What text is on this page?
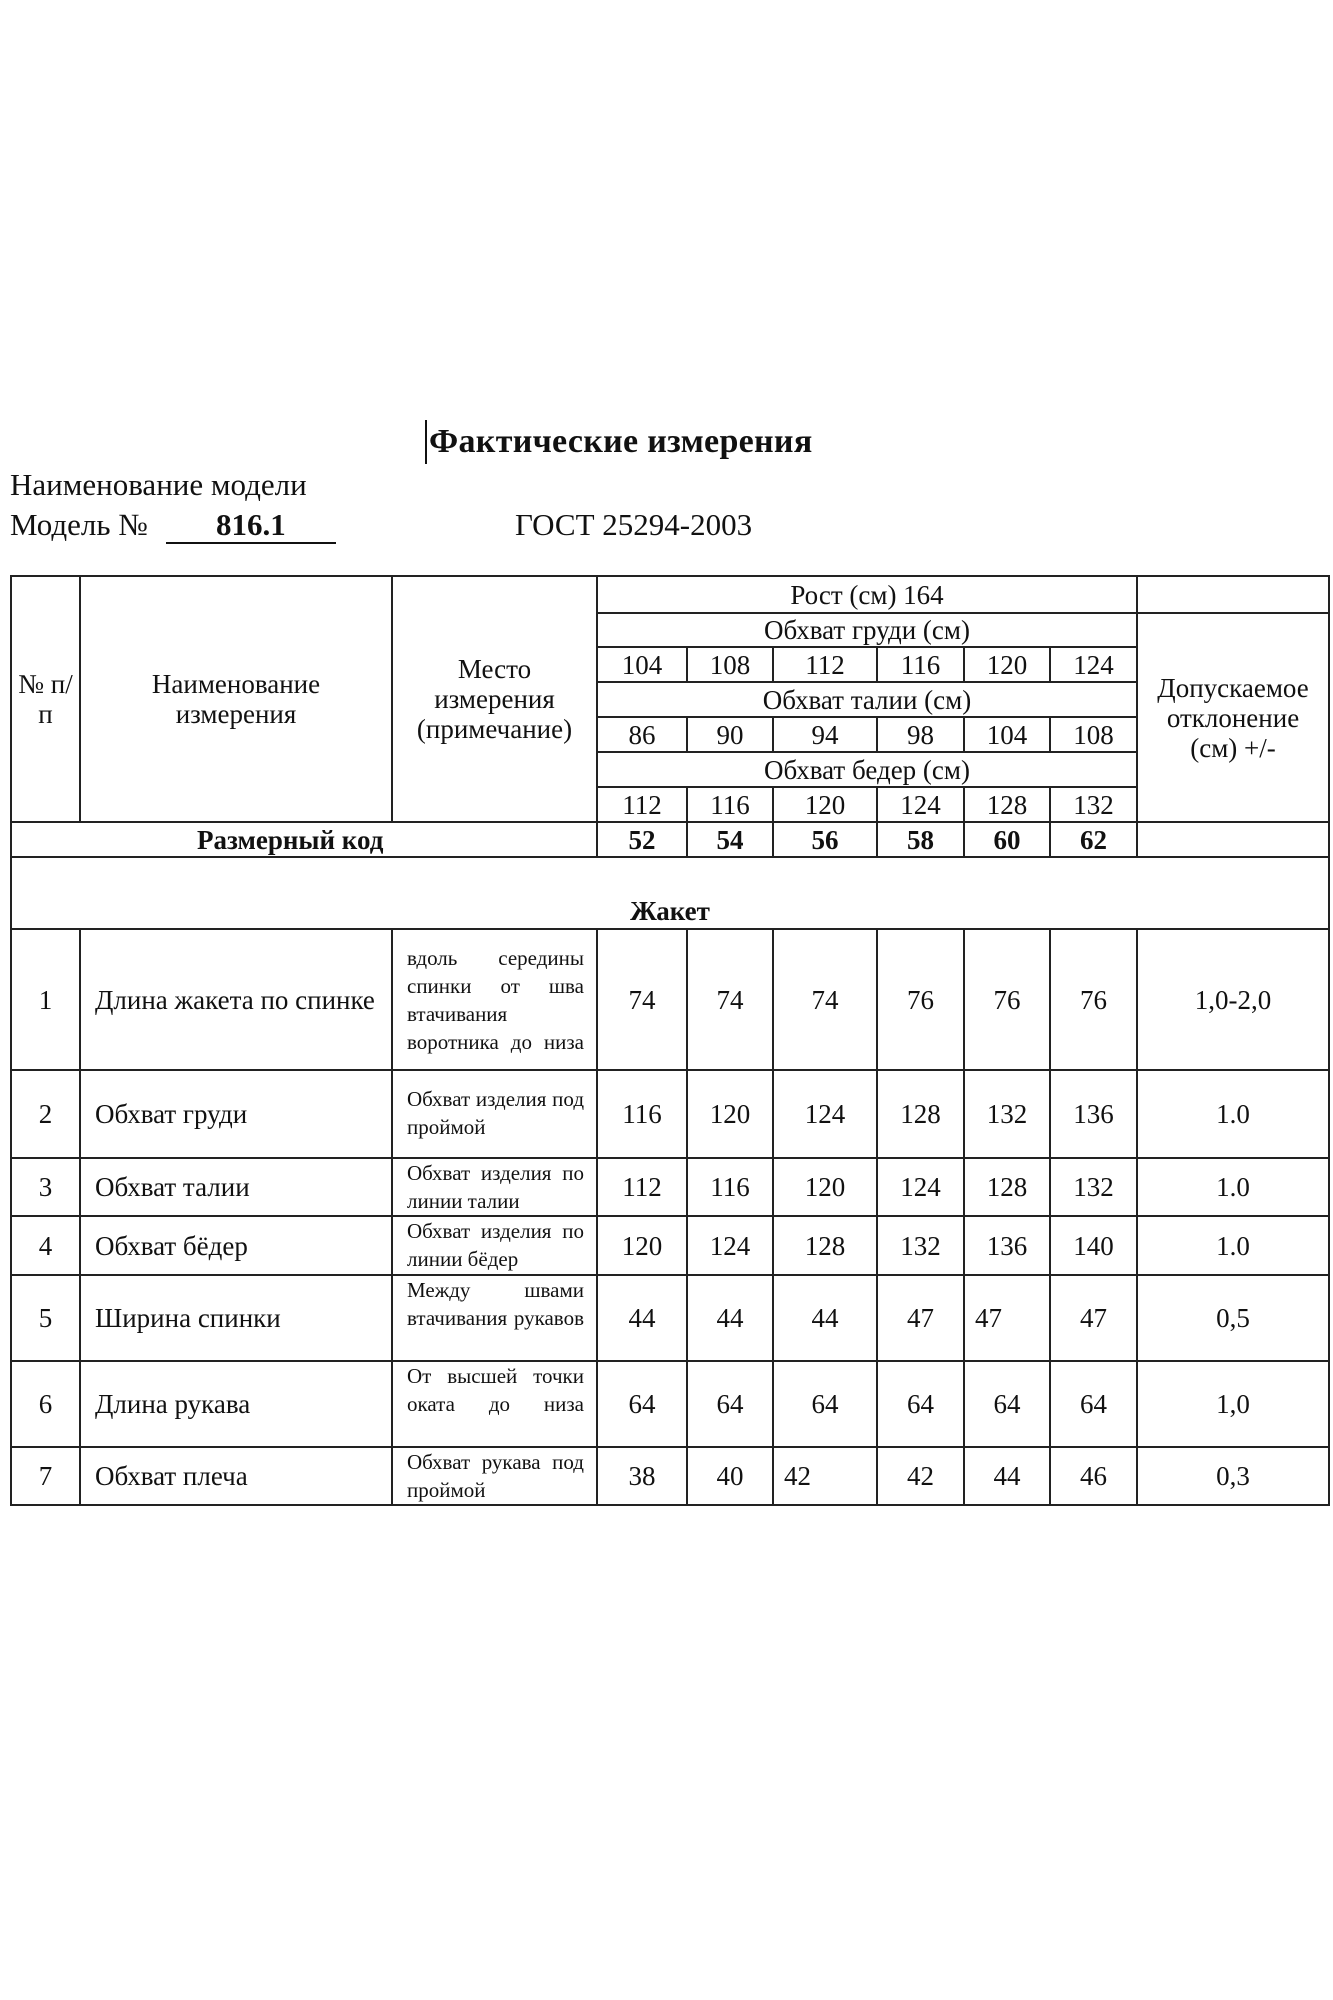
Фактические измерения
Наименование модели
Модель № 816.1	ГОСТ 25294-2003
№ п/п	Наименование измерения	Место измерения (примечание)	Рост (см) 164						
			Обхват груди (см)						Допускаемое отклонение (см) +/-
			104	108	112	116	120	124	
			Обхват талии (см)						
			86	90	94	98	104	108	
			Обхват бедер (см)						
			112	116	120	124	128	132	
Размерный код			52	54	56	58	60	62	
Жакет									
1	Длина жакета по спинке	вдоль середины спинки от шва втачивания воротника до низа	74	74	74	76	76	76	1,0-2,0
2	Обхват груди	Обхват изделия под проймой	116	120	124	128	132	136	1.0
3	Обхват талии	Обхват изделия по линии талии	112	116	120	124	128	132	1.0
4	Обхват бёдер	Обхват изделия по линии бёдер	120	124	128	132	136	140	1.0
5	Ширина спинки	Между швами втачивания рукавов	44	44	44	47	47	47	0,5
6	Длина рукава	От высшей точки оката до низа	64	64	64	64	64	64	1,0
7	Обхват плеча	Обхват рукава под проймой	38	40	42	42	44	46	0,3
